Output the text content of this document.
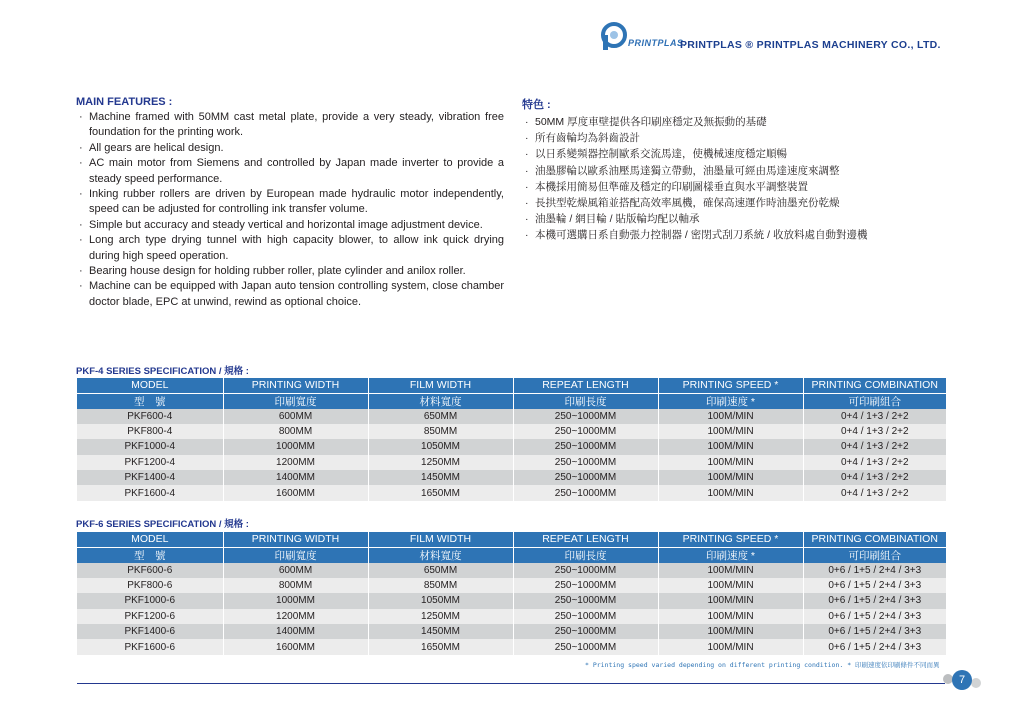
PRINTPLAS.
PRINTPLAS ® PRINTPLAS MACHINERY CO., LTD.
MAIN FEATURES :
· Machine framed with 50MM cast metal plate, provide a very steady, vibration free foundation for the printing work.
· All gears are helical design.
· AC main motor from Siemens and controlled by Japan made inverter to provide a steady speed performance.
· Inking rubber rollers are driven by European made hydraulic motor independently, speed can be adjusted for controlling ink transfer volume.
· Simple but accuracy and steady vertical and horizontal image adjustment device.
· Long arch type drying tunnel with high capacity blower, to allow ink quick drying during high speed operation.
· Bearing house design for holding rubber roller, plate cylinder and anilox roller.
· Machine can be equipped with Japan auto tension controlling system, close chamber doctor blade, EPC at unwind, rewind as optional choice.
特色 :
· 50MM 厚度車壁提供各印刷座穩定及無振動的基礎
· 所有齒輪均為斜齒設計
· 以日系變頻器控制歐系交流馬達，使機械速度穩定順暢
· 油墨膠輪以歐系油壓馬達獨立帶動，油墨量可經由馬達速度來調整
· 本機採用簡易但準確及穩定的印刷圖樣垂直與水平調整裝置
· 長拱型乾燥風箱並搭配高效率風機，確保高速運作時油墨充份乾燥
· 油墨輪 / 網目輪 / 貼版輪均配以軸承
· 本機可選購日系自動張力控制器 / 密閉式刮刀系統 / 收放料處自動對邊機
PKF-4 SERIES SPECIFICATION / 規格 :
MODEL	PRINTING WIDTH	FILM WIDTH	REPEAT LENGTH	PRINTING SPEED *	PRINTING COMBINATION
型　號	印刷寬度	材料寬度	印刷長度	印刷速度 *	可印刷組合
PKF600-4	600MM	650MM	250~1000MM	100M/MIN	0+4 / 1+3 / 2+2
PKF800-4	800MM	850MM	250~1000MM	100M/MIN	0+4 / 1+3 / 2+2
PKF1000-4	1000MM	1050MM	250~1000MM	100M/MIN	0+4 / 1+3 / 2+2
PKF1200-4	1200MM	1250MM	250~1000MM	100M/MIN	0+4 / 1+3 / 2+2
PKF1400-4	1400MM	1450MM	250~1000MM	100M/MIN	0+4 / 1+3 / 2+2
PKF1600-4	1600MM	1650MM	250~1000MM	100M/MIN	0+4 / 1+3 / 2+2
PKF-6 SERIES SPECIFICATION / 規格 :
MODEL	PRINTING WIDTH	FILM WIDTH	REPEAT LENGTH	PRINTING SPEED *	PRINTING COMBINATION
型　號	印刷寬度	材料寬度	印刷長度	印刷速度 *	可印刷組合
PKF600-6	600MM	650MM	250~1000MM	100M/MIN	0+6 / 1+5 / 2+4 / 3+3
PKF800-6	800MM	850MM	250~1000MM	100M/MIN	0+6 / 1+5 / 2+4 / 3+3
PKF1000-6	1000MM	1050MM	250~1000MM	100M/MIN	0+6 / 1+5 / 2+4 / 3+3
PKF1200-6	1200MM	1250MM	250~1000MM	100M/MIN	0+6 / 1+5 / 2+4 / 3+3
PKF1400-6	1400MM	1450MM	250~1000MM	100M/MIN	0+6 / 1+5 / 2+4 / 3+3
PKF1600-6	1600MM	1650MM	250~1000MM	100M/MIN	0+6 / 1+5 / 2+4 / 3+3
* Printing speed varied depending on different printing condition. * 印刷速度依印刷條件不同而異
7
